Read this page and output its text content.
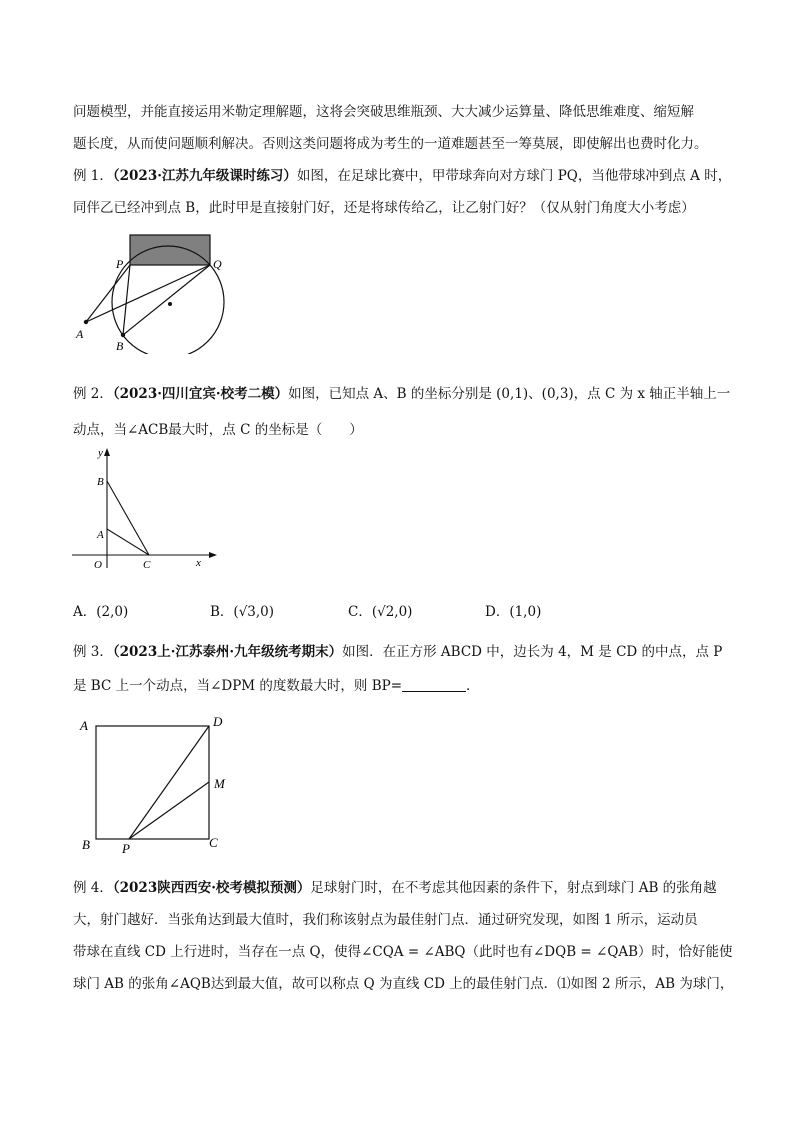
问题模型，并能直接运用米勒定理解题，这将会突破思维瓶颈、大大减少运算量、降低思维难度、缩短解
题长度，从而使问题顺利解决。否则这类问题将成为考生的一道难题甚至一筹莫展，即使解出也费时化力。
例 1．（2023·江苏九年级课时练习）如图，在足球比赛中，甲带球奔向对方球门 PQ，当他带球冲到点 A 时，
同伴乙已经冲到点 B，此时甲是直接射门好，还是将球传给乙，让乙射门好？（仅从射门角度大小考虑）
P	Q
A
B
例 2．（2023·四川宜宾·校考二模）如图，已知点 A、B 的坐标分别是 (0,1)、(0,3)，点 C 为 x 轴正半轴上一
动点，当∠ACB最大时，点 C 的坐标是（　　）
y
x
B
A
O	C
A．(2,0)	B．(√3,0)	C．(√2,0)	D．(1,0)
例 3．（2023上·江苏泰州·九年级统考期末）如图．在正方形 ABCD 中，边长为 4，M 是 CD 的中点，点 P
是 BC 上一个动点，当∠DPM 的度数最大时，则 BP=	．
A	D
M
B P	C
例 4．（2023陕西西安·校考模拟预测）足球射门时，在不考虑其他因素的条件下，射点到球门 AB 的张角越
大，射门越好．当张角达到最大值时，我们称该射点为最佳射门点．通过研究发现，如图 1 所示，运动员
带球在直线 CD 上行进时，当存在一点 Q，使得∠CQA = ∠ABQ（此时也有∠DQB = ∠QAB）时，恰好能使
球门 AB 的张角∠AQB达到最大值，故可以称点 Q 为直线 CD 上的最佳射门点．⑴如图 2 所示，AB 为球门，
